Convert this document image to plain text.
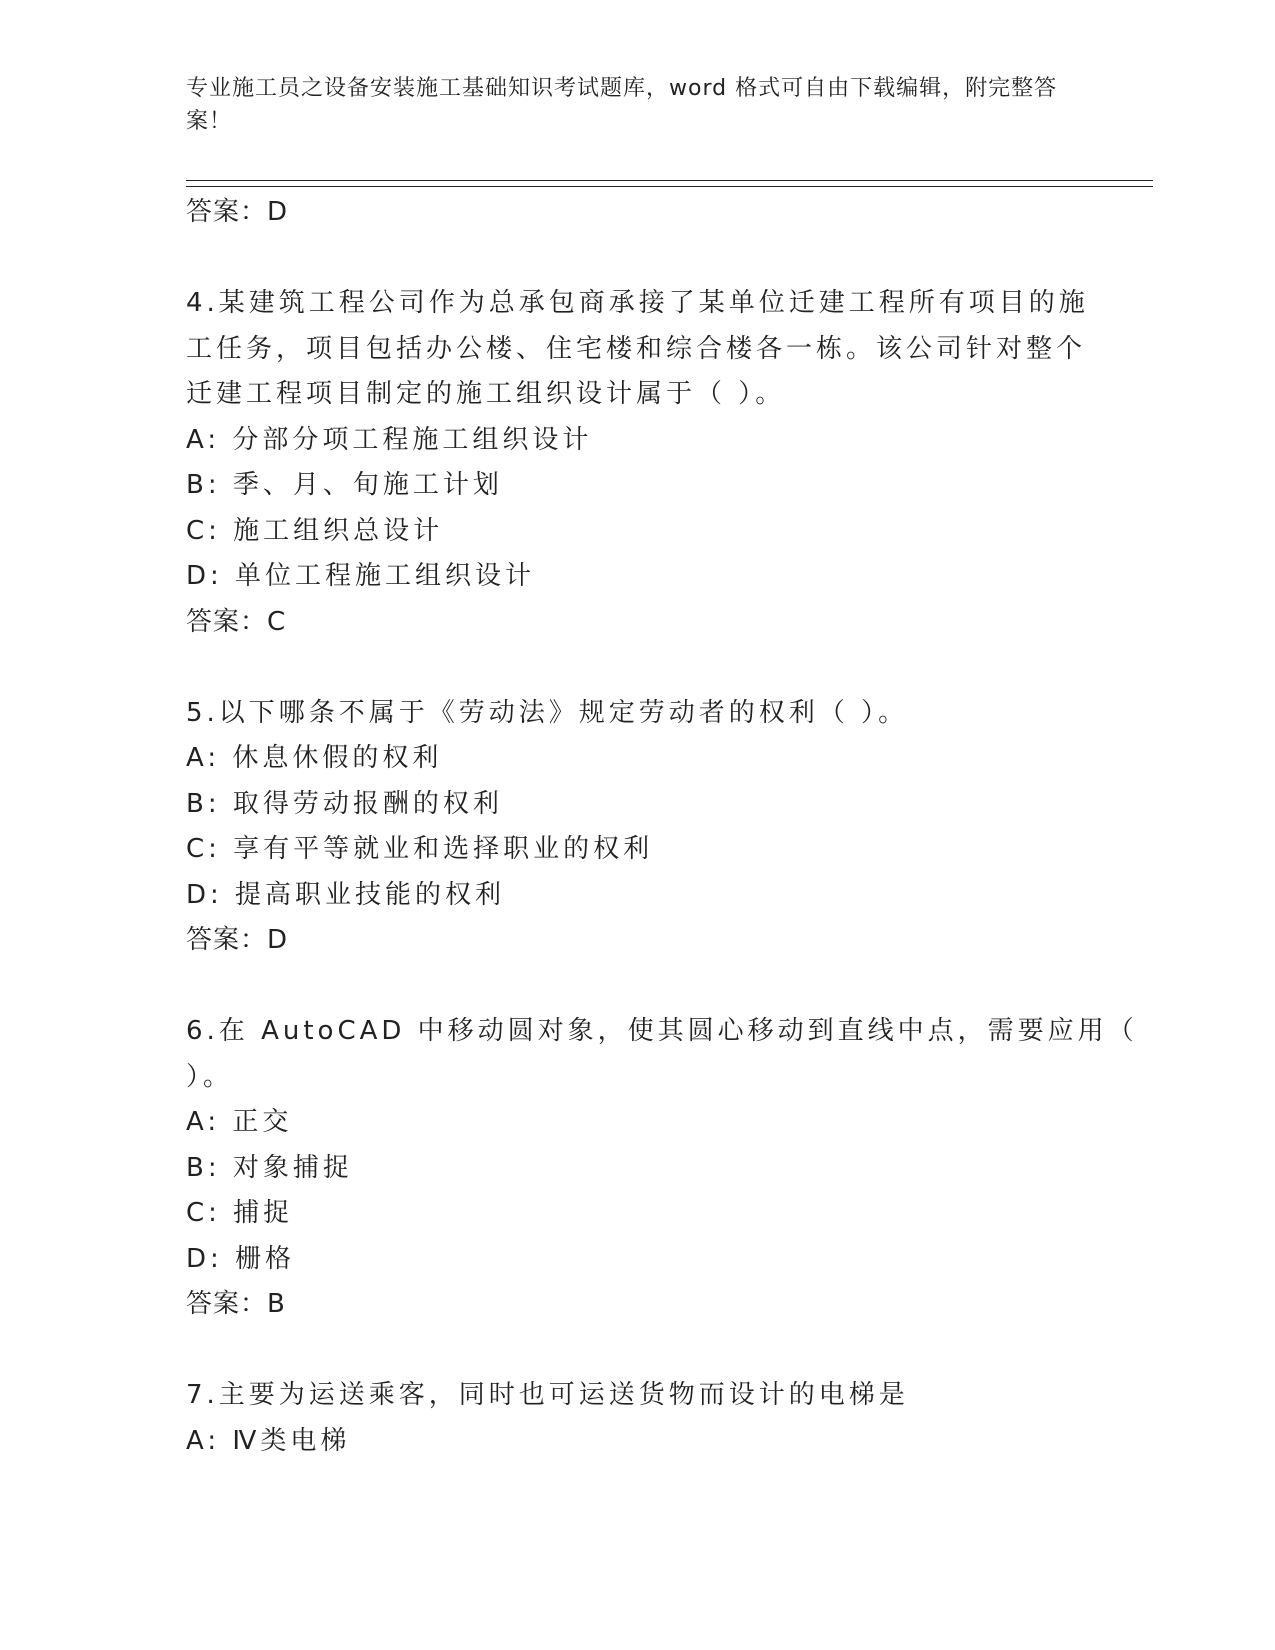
专业施工员之设备安装施工基础知识考试题库，word 格式可自由下载编辑，附完整答案！
答案：D
4.某建筑工程公司作为总承包商承接了某单位迁建工程所有项目的施
工任务，项目包括办公楼、住宅楼和综合楼各一栋。该公司针对整个
迁建工程项目制定的施工组织设计属于（ ）。
A: 分部分项工程施工组织设计
B: 季、月、旬施工计划
C: 施工组织总设计
D: 单位工程施工组织设计
答案：C
5.以下哪条不属于《劳动法》规定劳动者的权利（ ）。
A: 休息休假的权利
B: 取得劳动报酬的权利
C: 享有平等就业和选择职业的权利
D: 提高职业技能的权利
答案：D
6.在 AutoCAD 中移动圆对象，使其圆心移动到直线中点，需要应用（
）。
A: 正交
B: 对象捕捉
C: 捕捉
D: 栅格
答案：B
7.主要为运送乘客，同时也可运送货物而设计的电梯是
A: Ⅳ类电梯
